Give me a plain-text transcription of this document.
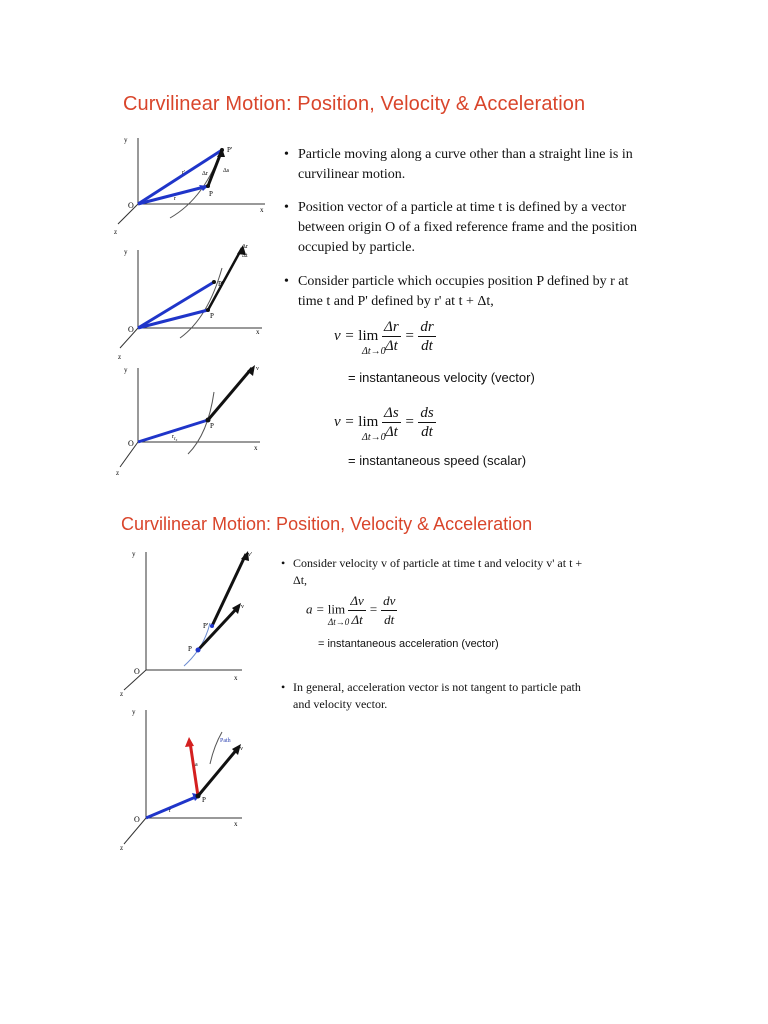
Curvilinear Motion: Position, Velocity & Acceleration
y
x
z
O
P'
P
Δr	Δs
r'
r
y
x
z
O
P'
P
Δr
Δt
y
x
z
O
P
v
r r₀
• Particle moving along a curve other than a straight line is in curvilinear motion.
• Position vector of a particle at time t is defined by a vector between origin O of a fixed reference frame and the position occupied by particle.
• Consider particle which occupies position P defined by r at time t and P' defined by r' at t + Δt,
$v = \lim \frac{\Delta r}{\Delta t} = \frac{dr}{dt}$
Δt→0
= instantaneous velocity (vector)
$v = \lim \frac{\Delta s}{\Delta t} = \frac{ds}{dt}$
Δt→0
= instantaneous speed (scalar)
Curvilinear Motion: Position, Velocity & Acceleration
y
x
z
O
P'
P
v'
v
y
x
z
O
P
a
r
Path
v
• Consider velocity v of particle at time t and velocity v' at t + Δt,
$a = \lim \frac{\Delta v}{\Delta t} = \frac{dv}{dt}$
Δt→0
= instantaneous acceleration (vector)
• In general, acceleration vector is not tangent to particle path and velocity vector.
